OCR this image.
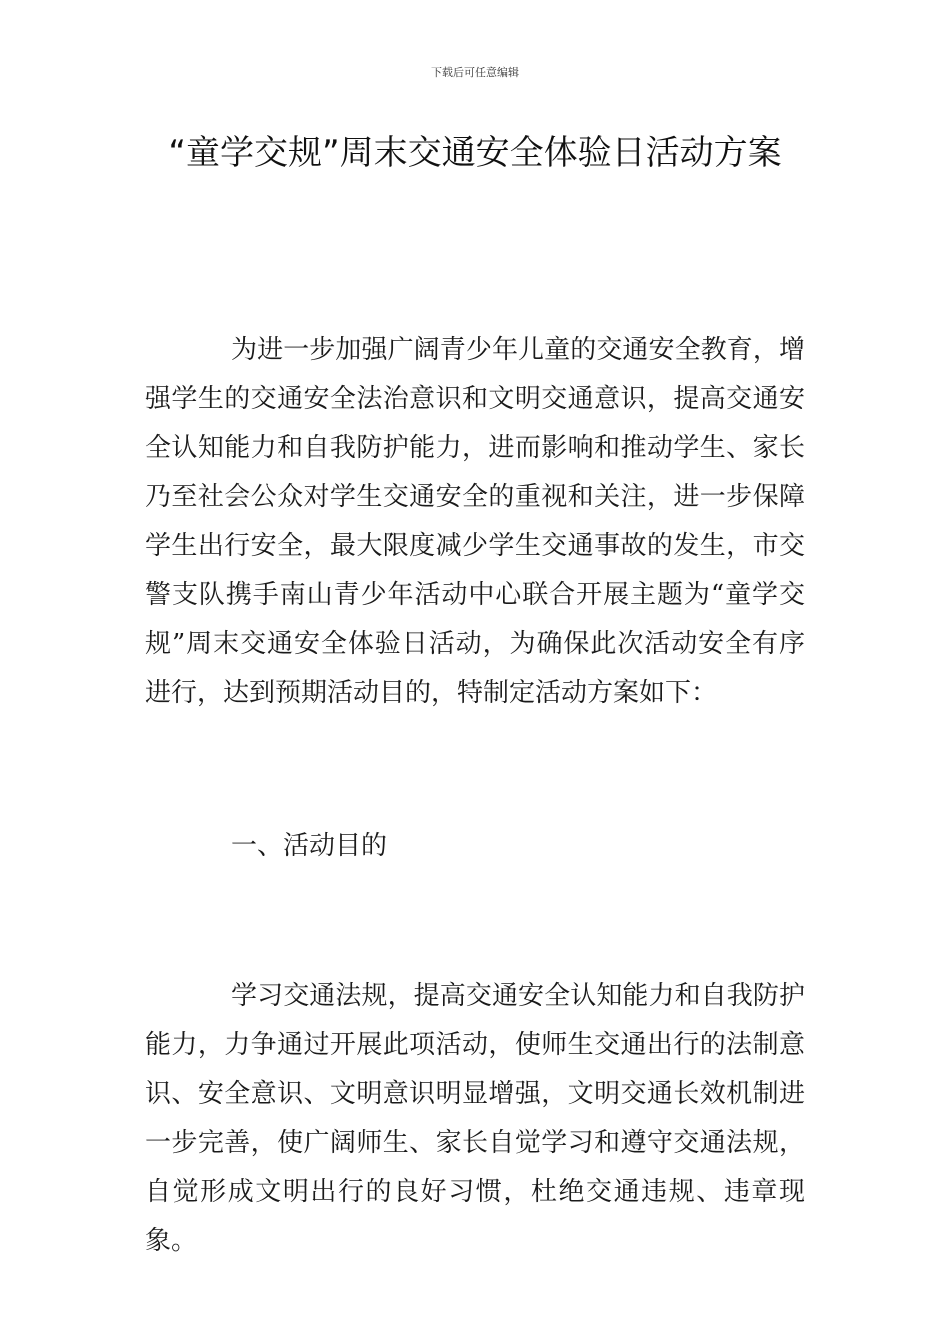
下载后可任意编辑
“童学交规”周末交通安全体验日活动方案

为进一步加强广阔青少年儿童的交通安全教育，增强学生的交通安全法治意识和文明交通意识，提高交通安全认知能力和自我防护能力，进而影响和推动学生、家长乃至社会公众对学生交通安全的重视和关注，进一步保障学生出行安全，最大限度减少学生交通事故的发生，市交警支队携手南山青少年活动中心联合开展主题为“童学交规”周末交通安全体验日活动，为确保此次活动安全有序进行，达到预期活动目的，特制定活动方案如下：

一、活动目的

学习交通法规，提高交通安全认知能力和自我防护能力，力争通过开展此项活动，使师生交通出行的法制意识、安全意识、文明意识明显增强，文明交通长效机制进一步完善，使广阔师生、家长自觉学习和遵守交通法规，自觉形成文明出行的良好习惯，杜绝交通违规、违章现象。
